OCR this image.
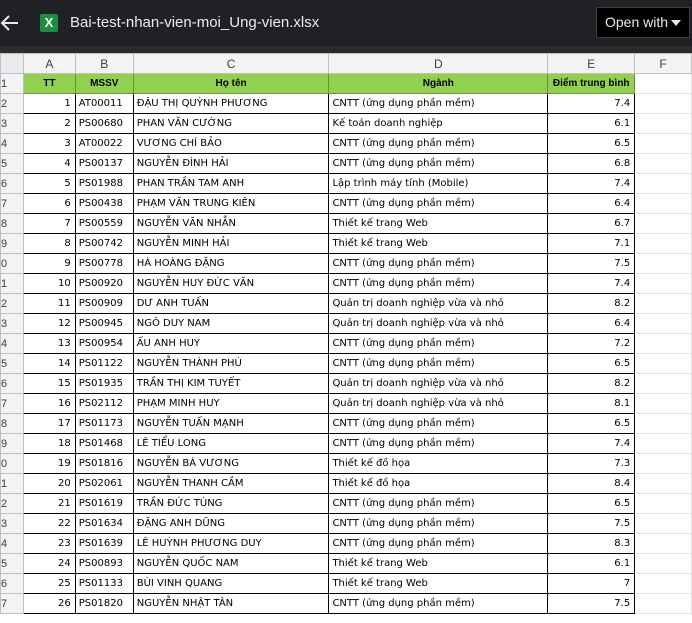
X	Bai-test-nhan-vien-moi_Ung-vien.xlsx	Open with
	A	B	C	D	E	F
1	TT	MSSV	Họ tên	Ngành	Điểm trung bình	
2	1	AT00011	ĐẬU THỊ QUỲNH PHƯƠNG	CNTT (ứng dụng phần mềm)	7.4	
3	2	PS00680	PHAN VĂN CƯỜNG	Kế toán doanh nghiệp	6.1	
4	3	AT00022	VƯƠNG CHÍ BẢO	CNTT (ứng dụng phần mềm)	6.5	
5	4	PS00137	NGUYỄN ĐÌNH HẢI	CNTT (ứng dụng phần mềm)	6.8	
6	5	PS01988	PHAN TRẦN TAM ANH	Lập trình máy tính (Mobile)	7.4	
7	6	PS00438	PHẠM VĂN TRUNG KIÊN	CNTT (ứng dụng phần mềm)	6.4	
8	7	PS00559	NGUYỄN VĂN NHẪN	Thiết kế trang Web	6.7	
9	8	PS00742	NGUYỄN MINH HẢI	Thiết kế trang Web	7.1	
0	9	PS00778	HÀ HOÀNG ĐẶNG	CNTT (ứng dụng phần mềm)	7.5	
1	10	PS00920	NGUYỄN HUY ĐỨC VĂN	CNTT (ứng dụng phần mềm)	7.4	
2	11	PS00909	DƯ ANH TUẤN	Quản trị doanh nghiệp vừa và nhỏ	8.2	
3	12	PS00945	NGÔ DUY NAM	Quản trị doanh nghiệp vừa và nhỏ	6.4	
4	13	PS00954	ẤU ANH HUY	CNTT (ứng dụng phần mềm)	7.2	
5	14	PS01122	NGUYỄN THÀNH PHÚ	CNTT (ứng dụng phần mềm)	6.5	
6	15	PS01935	TRẦN THỊ KIM TUYẾT	Quản trị doanh nghiệp vừa và nhỏ	8.2	
7	16	PS02112	PHẠM MINH HUY	Quản trị doanh nghiệp vừa và nhỏ	8.1	
8	17	PS01173	NGUYỄN TUẤN MẠNH	CNTT (ứng dụng phần mềm)	6.5	
9	18	PS01468	LÊ TIỂU LONG	CNTT (ứng dụng phần mềm)	7.4	
0	19	PS01816	NGUYỄN BÁ VƯƠNG	Thiết kế đồ họa	7.3	
1	20	PS02061	NGUYỄN THANH CẦM	Thiết kế đồ họa	8.4	
2	21	PS01619	TRẦN ĐỨC TÙNG	CNTT (ứng dụng phần mềm)	6.5	
3	22	PS01634	ĐẶNG ANH DŨNG	CNTT (ứng dụng phần mềm)	7.5	
4	23	PS01639	LÊ HUỲNH PHƯƠNG DUY	CNTT (ứng dụng phần mềm)	8.3	
5	24	PS00893	NGUYỄN QUỐC NAM	Thiết kế trang Web	6.1	
6	25	PS01133	BÙI VINH QUANG	Thiết kế trang Web	7	
7	26	PS01820	NGUYỄN NHẬT TÂN	CNTT (ứng dụng phần mềm)	7.5	
